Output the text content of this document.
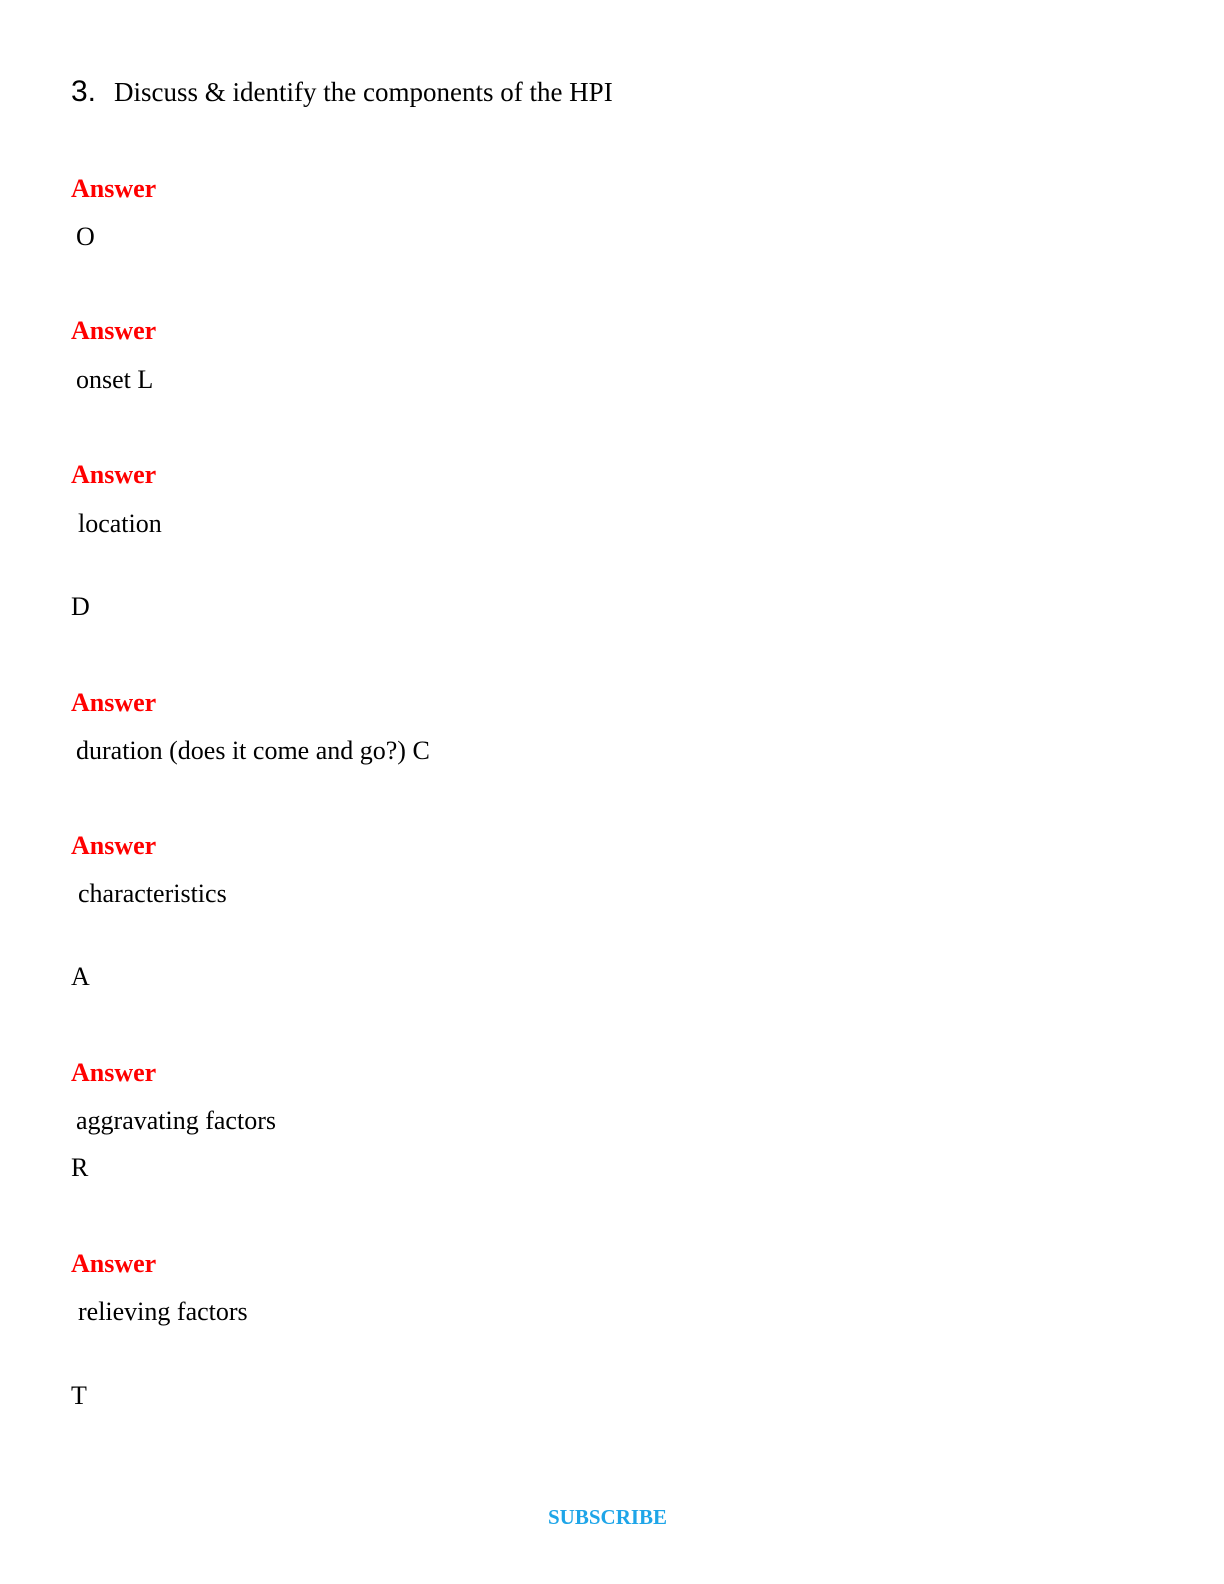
3. Discuss & identify the components of the HPI
Answer
O
Answer
onset L
Answer
location
D
Answer
duration (does it come and go?) C
Answer
characteristics
A
Answer
aggravating factors
R
Answer
relieving factors
T
SUBSCRIBE
